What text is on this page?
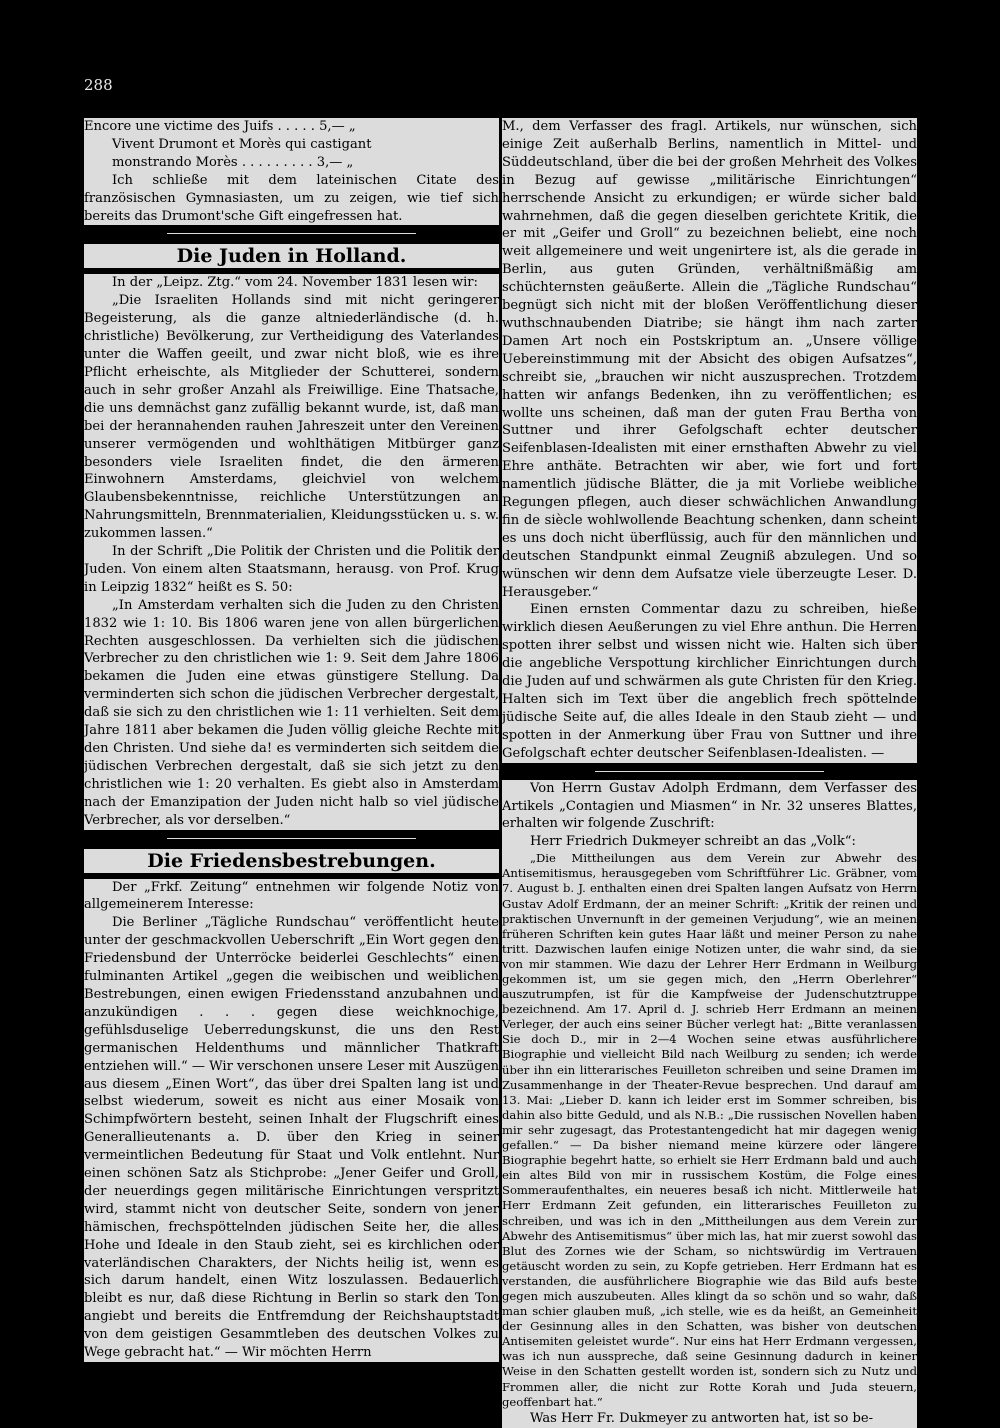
288

Encore une victime des Juifs . . . . . 5,— „

Vivent Drumont et Morès qui castigant

monstrando Morès . . . . . . . . . 3,— „

Ich schließe mit dem lateinischen Citate des französischen Gymnasiasten, um zu zeigen, wie tief sich bereits das Drumont'sche Gift eingefressen hat.

Die Juden in Holland.

In der „Leipz. Ztg.“ vom 24. November 1831 lesen wir:

„Die Israeliten Hollands sind mit nicht geringerer Begeisterung, als die ganze altniederländische (d. h. christliche) Bevölkerung, zur Vertheidigung des Vaterlandes unter die Waffen geeilt, und zwar nicht bloß, wie es ihre Pflicht erheischte, als Mitglieder der Schutterei, sondern auch in sehr großer Anzahl als Freiwillige. Eine Thatsache, die uns demnächst ganz zufällig bekannt wurde, ist, daß man bei der herannahenden rauhen Jahreszeit unter den Vereinen unserer vermögenden und wohlthätigen Mitbürger ganz besonders viele Israeliten findet, die den ärmeren Einwohnern Amsterdams, gleichviel von welchem Glaubensbekenntnisse, reichliche Unterstützungen an Nahrungsmitteln, Brennmaterialien, Kleidungsstücken u. s. w. zukommen lassen.“

In der Schrift „Die Politik der Christen und die Politik der Juden. Von einem alten Staatsmann, herausg. von Prof. Krug in Leipzig 1832“ heißt es S. 50:

„In Amsterdam verhalten sich die Juden zu den Christen 1832 wie 1: 10. Bis 1806 waren jene von allen bürgerlichen Rechten ausgeschlossen. Da verhielten sich die jüdischen Verbrecher zu den christlichen wie 1: 9. Seit dem Jahre 1806 bekamen die Juden eine etwas günstigere Stellung. Da verminderten sich schon die jüdischen Verbrecher dergestalt, daß sie sich zu den christlichen wie 1: 11 verhielten. Seit dem Jahre 1811 aber bekamen die Juden völlig gleiche Rechte mit den Christen. Und siehe da! es verminderten sich seitdem die jüdischen Verbrechen dergestalt, daß sie sich jetzt zu den christlichen wie 1: 20 verhalten. Es giebt also in Amsterdam nach der Emanzipation der Juden nicht halb so viel jüdische Verbrecher, als vor derselben.“

Die Friedensbestrebungen.

Der „Frkf. Zeitung“ entnehmen wir folgende Notiz von allgemeinerem Interesse:

Die Berliner „Tägliche Rundschau“ veröffentlicht heute unter der geschmackvollen Ueberschrift „Ein Wort gegen den Friedensbund der Unterröcke beiderlei Geschlechts“ einen fulminanten Artikel „gegen die weibischen und weiblichen Bestrebungen, einen ewigen Friedensstand anzubahnen und anzukündigen . . . gegen diese weichknochige, gefühlsduselige Ueberredungskunst, die uns den Rest germanischen Heldenthums und männlicher Thatkraft entziehen will.“ — Wir verschonen unsere Leser mit Auszügen aus diesem „Einen Wort“, das über drei Spalten lang ist und selbst wiederum, soweit es nicht aus einer Mosaik von Schimpfwörtern besteht, seinen Inhalt der Flugschrift eines Generallieutenants a. D. über den Krieg in seiner vermeintlichen Bedeutung für Staat und Volk entlehnt. Nur einen schönen Satz als Stichprobe: „Jener Geifer und Groll, der neuerdings gegen militärische Einrichtungen verspritzt wird, stammt nicht von deutscher Seite, sondern von jener hämischen, frechspöttelnden jüdischen Seite her, die alles Hohe und Ideale in den Staub zieht, sei es kirchlichen oder vaterländischen Charakters, der Nichts heilig ist, wenn es sich darum handelt, einen Witz loszulassen. Bedauerlich bleibt es nur, daß diese Richtung in Berlin so stark den Ton angiebt und bereits die Entfremdung der Reichshauptstadt von dem geistigen Gesammtleben des deutschen Volkes zu Wege gebracht hat.“ — Wir möchten Herrn

M., dem Verfasser des fragl. Artikels, nur wünschen, sich einige Zeit außerhalb Berlins, namentlich in Mittel- und Süddeutschland, über die bei der großen Mehrheit des Volkes in Bezug auf gewisse „militärische Einrichtungen“ herrschende Ansicht zu erkundigen; er würde sicher bald wahrnehmen, daß die gegen dieselben gerichtete Kritik, die er mit „Geifer und Groll“ zu bezeichnen beliebt, eine noch weit allgemeinere und weit ungenirtere ist, als die gerade in Berlin, aus guten Gründen, verhältnißmäßig am schüchternsten geäußerte. Allein die „Tägliche Rundschau“ begnügt sich nicht mit der bloßen Veröffentlichung dieser wuthschnaubenden Diatribe; sie hängt ihm nach zarter Damen Art noch ein Postskriptum an. „Unsere völlige Uebereinstimmung mit der Absicht des obigen Aufsatzes“, schreibt sie, „brauchen wir nicht auszusprechen. Trotzdem hatten wir anfangs Bedenken, ihn zu veröffentlichen; es wollte uns scheinen, daß man der guten Frau Bertha von Suttner und ihrer Gefolgschaft echter deutscher Seifenblasen-Idealisten mit einer ernsthaften Abwehr zu viel Ehre anthäte. Betrachten wir aber, wie fort und fort namentlich jüdische Blätter, die ja mit Vorliebe weibliche Regungen pflegen, auch dieser schwächlichen Anwandlung fin de siècle wohlwollende Beachtung schenken, dann scheint es uns doch nicht überflüssig, auch für den männlichen und deutschen Standpunkt einmal Zeugniß abzulegen. Und so wünschen wir denn dem Aufsatze viele überzeugte Leser. D. Herausgeber.“

Einen ernsten Commentar dazu zu schreiben, hieße wirklich diesen Aeußerungen zu viel Ehre anthun. Die Herren spotten ihrer selbst und wissen nicht wie. Halten sich über die angebliche Verspottung kirchlicher Einrichtungen durch die Juden auf und schwärmen als gute Christen für den Krieg. Halten sich im Text über die angeblich frech spöttelnde jüdische Seite auf, die alles Ideale in den Staub zieht — und spotten in der Anmerkung über Frau von Suttner und ihre Gefolgschaft echter deutscher Seifenblasen-Idealisten. —

Von Herrn Gustav Adolph Erdmann, dem Verfasser des Artikels „Contagien und Miasmen“ in Nr. 32 unseres Blattes, erhalten wir folgende Zuschrift:

Herr Friedrich Dukmeyer schreibt an das „Volk“:

„Die Mittheilungen aus dem Verein zur Abwehr des Antisemitismus, herausgegeben vom Schriftführer Lic. Gräbner, vom 7. August b. J. enthalten einen drei Spalten langen Aufsatz von Herrn Gustav Adolf Erdmann, der an meiner Schrift: „Kritik der reinen und praktischen Unvernunft in der gemeinen Verjudung“, wie an meinen früheren Schriften kein gutes Haar läßt und meiner Person zu nahe tritt. Dazwischen laufen einige Notizen unter, die wahr sind, da sie von mir stammen. Wie dazu der Lehrer Herr Erdmann in Weilburg gekommen ist, um sie gegen mich, den „Herrn Oberlehrer“ auszutrumpfen, ist für die Kampfweise der Judenschutztruppe bezeichnend. Am 17. April d. J. schrieb Herr Erdmann an meinen Verleger, der auch eins seiner Bücher verlegt hat: „Bitte veranlassen Sie doch D., mir in 2—4 Wochen seine etwas ausführlichere Biographie und vielleicht Bild nach Weilburg zu senden; ich werde über ihn ein litterarisches Feuilleton schreiben und seine Dramen im Zusammenhange in der Theater-Revue besprechen. Und darauf am 13. Mai: „Lieber D. kann ich leider erst im Sommer schreiben, bis dahin also bitte Geduld, und als N.B.: „Die russischen Novellen haben mir sehr zugesagt, das Protestantengedicht hat mir dagegen wenig gefallen.“ — Da bisher niemand meine kürzere oder längere Biographie begehrt hatte, so erhielt sie Herr Erdmann bald und auch ein altes Bild von mir in russischem Kostüm, die Folge eines Sommeraufenthaltes, ein neueres besaß ich nicht. Mittlerweile hat Herr Erdmann Zeit gefunden, ein litterarisches Feuilleton zu schreiben, und was ich in den „Mittheilungen aus dem Verein zur Abwehr des Antisemitismus“ über mich las, hat mir zuerst sowohl das Blut des Zornes wie der Scham, so nichtswürdig im Vertrauen getäuscht worden zu sein, zu Kopfe getrieben. Herr Erdmann hat es verstanden, die ausführlichere Biographie wie das Bild aufs beste gegen mich auszubeuten. Alles klingt da so schön und so wahr, daß man schier glauben muß, „ich stelle, wie es da heißt, an Gemeinheit der Gesinnung alles in den Schatten, was bisher von deutschen Antisemiten geleistet wurde“. Nur eins hat Herr Erdmann vergessen, was ich nun ausspreche, daß seine Gesinnung dadurch in keiner Weise in den Schatten gestellt worden ist, sondern sich zu Nutz und Frommen aller, die nicht zur Rotte Korah und Juda steuern, geoffenbart hat.“

Was Herr Fr. Dukmeyer zu antworten hat, ist so be-
